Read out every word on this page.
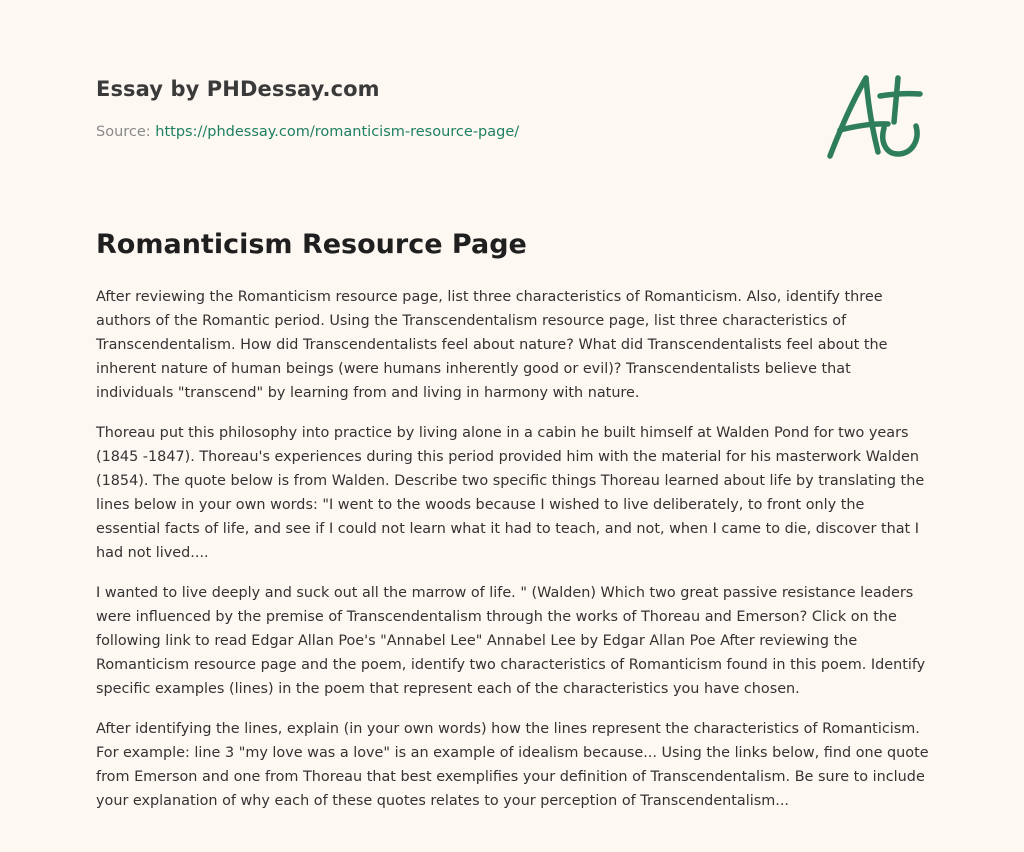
Essay by PHDessay.com
Source: https://phdessay.com/romanticism-resource-page/
Romanticism Resource Page

After reviewing the Romanticism resource page, list three characteristics of Romanticism. Also, identify three authors of the Romantic period. Using the Transcendentalism resource page, list three characteristics of Transcendentalism. How did Transcendentalists feel about nature? What did Transcendentalists feel about the inherent nature of human beings (were humans inherently good or evil)? Transcendentalists believe that individuals "transcend" by learning from and living in harmony with nature.

Thoreau put this philosophy into practice by living alone in a cabin he built himself at Walden Pond for two years (1845 -1847). Thoreau's experiences during this period provided him with the material for his masterwork Walden (1854). The quote below is from Walden. Describe two specific things Thoreau learned about life by translating the lines below in your own words: "I went to the woods because I wished to live deliberately, to front only the essential facts of life, and see if I could not learn what it had to teach, and not, when I came to die, discover that I had not lived....

I wanted to live deeply and suck out all the marrow of life. " (Walden) Which two great passive resistance leaders were influenced by the premise of Transcendentalism through the works of Thoreau and Emerson? Click on the following link to read Edgar Allan Poe's "Annabel Lee" Annabel Lee by Edgar Allan Poe After reviewing the Romanticism resource page and the poem, identify two characteristics of Romanticism found in this poem. Identify specific examples (lines) in the poem that represent each of the characteristics you have chosen.

After identifying the lines, explain (in your own words) how the lines represent the characteristics of Romanticism. For example: line 3 "my love was a love" is an example of idealism because... Using the links below, find one quote from Emerson and one from Thoreau that best exemplifies your definition of Transcendentalism. Be sure to include your explanation of why each of these quotes relates to your perception of Transcendentalism...
